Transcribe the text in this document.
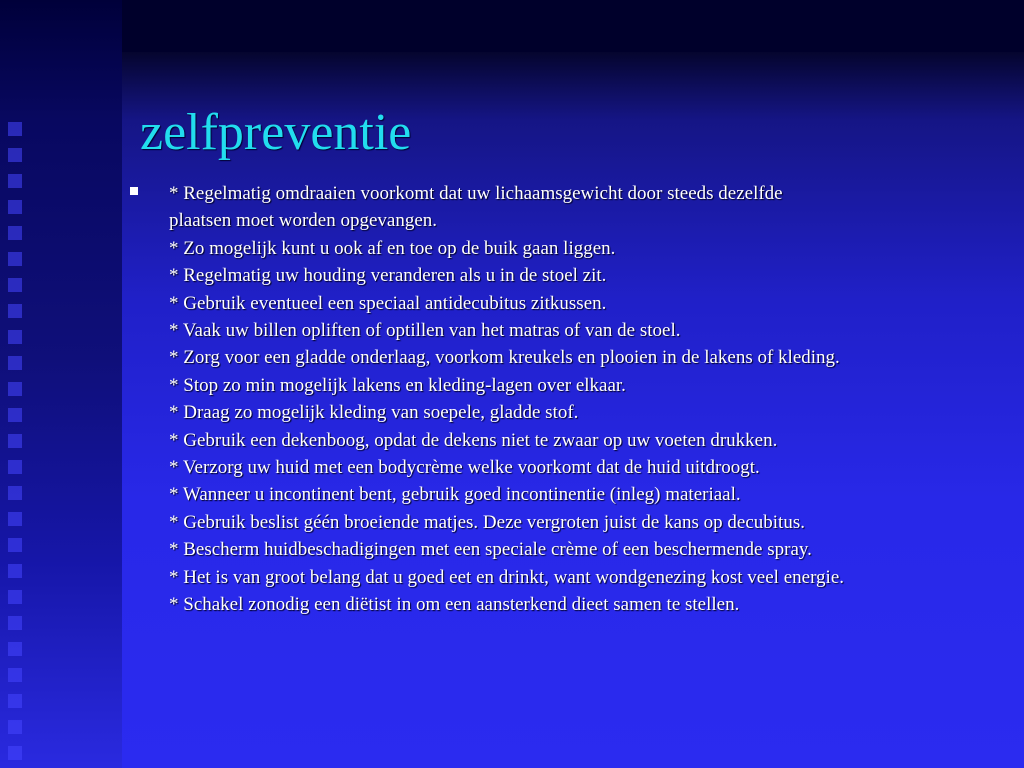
zelfpreventie
* Regelmatig omdraaien voorkomt dat uw lichaamsgewicht door steeds dezelfde
plaatsen moet worden opgevangen.
* Zo mogelijk kunt u ook af en toe op de buik gaan liggen.
* Regelmatig uw houding veranderen als u in de stoel zit.
* Gebruik eventueel een speciaal antidecubitus zitkussen.
* Vaak uw billen opliften of optillen van het matras of van de stoel.
* Zorg voor een gladde onderlaag, voorkom kreukels en plooien in de lakens of kleding.
* Stop zo min mogelijk lakens en kleding-lagen over elkaar.
* Draag zo mogelijk kleding van soepele, gladde stof.
* Gebruik een dekenboog, opdat de dekens niet te zwaar op uw voeten drukken.
* Verzorg uw huid met een bodycrème welke voorkomt dat de huid uitdroogt.
* Wanneer u incontinent bent, gebruik goed incontinentie (inleg) materiaal.
* Gebruik beslist géén broeiende matjes. Deze vergroten juist de kans op decubitus.
* Bescherm huidbeschadigingen met een speciale crème of een beschermende spray.
* Het is van groot belang dat u goed eet en drinkt, want wondgenezing kost veel energie.
* Schakel zonodig een diëtist in om een aansterkend dieet samen te stellen.
